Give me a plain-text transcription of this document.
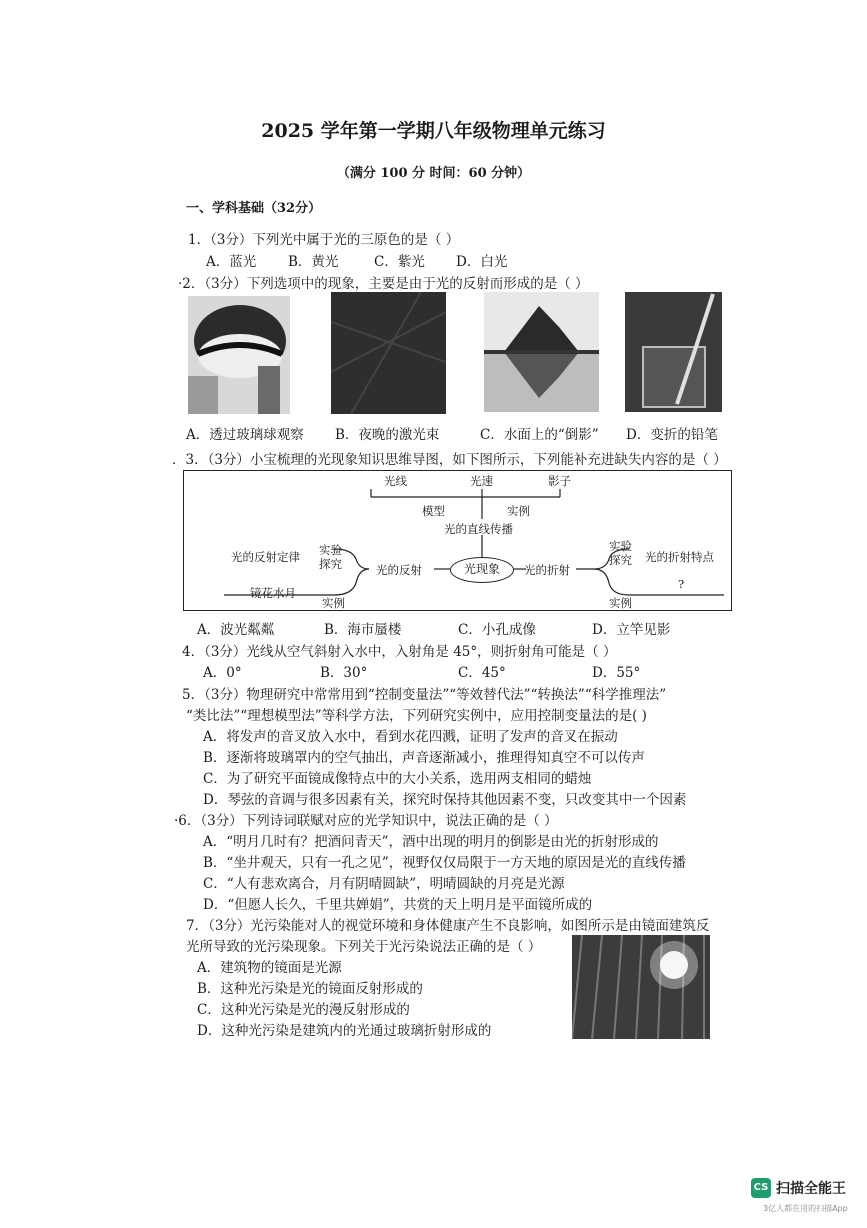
2025 学年第一学期八年级物理单元练习
（满分 100 分 时间：60 分钟）
一、学科基础（32分）
1．（3分）下列光中属于光的三原色的是（ ）
A．蓝光 B．黄光	C．紫光 D．白光
·2．（3分）下列选项中的现象，主要是由于光的反射而形成的是（ ）
A．透过玻璃球观察 B．夜晚的激光束	C．水面上的“倒影” D．变折的铅笔
．3．（3分）小宝梳理的光现象知识思维导图，如下图所示，下列能补充进缺失内容的是（ ）
光线	光速	影子
模型	实例
光的直线传播
光现象
光的反射	光的折射
实验
探究
实验
探究
光的反射定律	光的折射特点
镜花水月
实例	实例
?
A．波光粼粼	B．海市蜃楼	C．小孔成像	D．立竿见影
4．（3分）光线从空气斜射入水中，入射角是 45°，则折射角可能是（ ）
A．0°	B．30°	C．45°	D．55°
5．（3分）物理研究中常常用到“控制变量法”“等效替代法”“转换法”“科学推理法”
“类比法”“理想模型法”等科学方法，下列研究实例中，应用控制变量法的是( )
A．将发声的音叉放入水中，看到水花四溅，证明了发声的音叉在振动
B．逐渐将玻璃罩内的空气抽出，声音逐渐减小，推理得知真空不可以传声
C．为了研究平面镜成像特点中的大小关系，选用两支相同的蜡烛
D．琴弦的音调与很多因素有关，探究时保持其他因素不变，只改变其中一个因素
·6．（3分）下列诗词联赋对应的光学知识中，说法正确的是（ ）
A．“明月几时有？把酒问青天”，酒中出现的明月的倒影是由光的折射形成的
B．“坐井观天，只有一孔之见”，视野仅仅局限于一方天地的原因是光的直线传播
C．“人有悲欢离合，月有阴晴圆缺”，明晴圆缺的月亮是光源
D．“但愿人长久，千里共婵娟”，共赏的天上明月是平面镜所成的
7．（3分）光污染能对人的视觉环境和身体健康产生不良影响，如图所示是由镜面建筑反
光所导致的光污染现象。下列关于光污染说法正确的是（ ）
A．建筑物的镜面是光源
B．这种光污染是光的镜面反射形成的
C．这种光污染是光的漫反射形成的
D．这种光污染是建筑内的光通过玻璃折射形成的
CS 扫描全能王
3亿人都在用的扫描App
